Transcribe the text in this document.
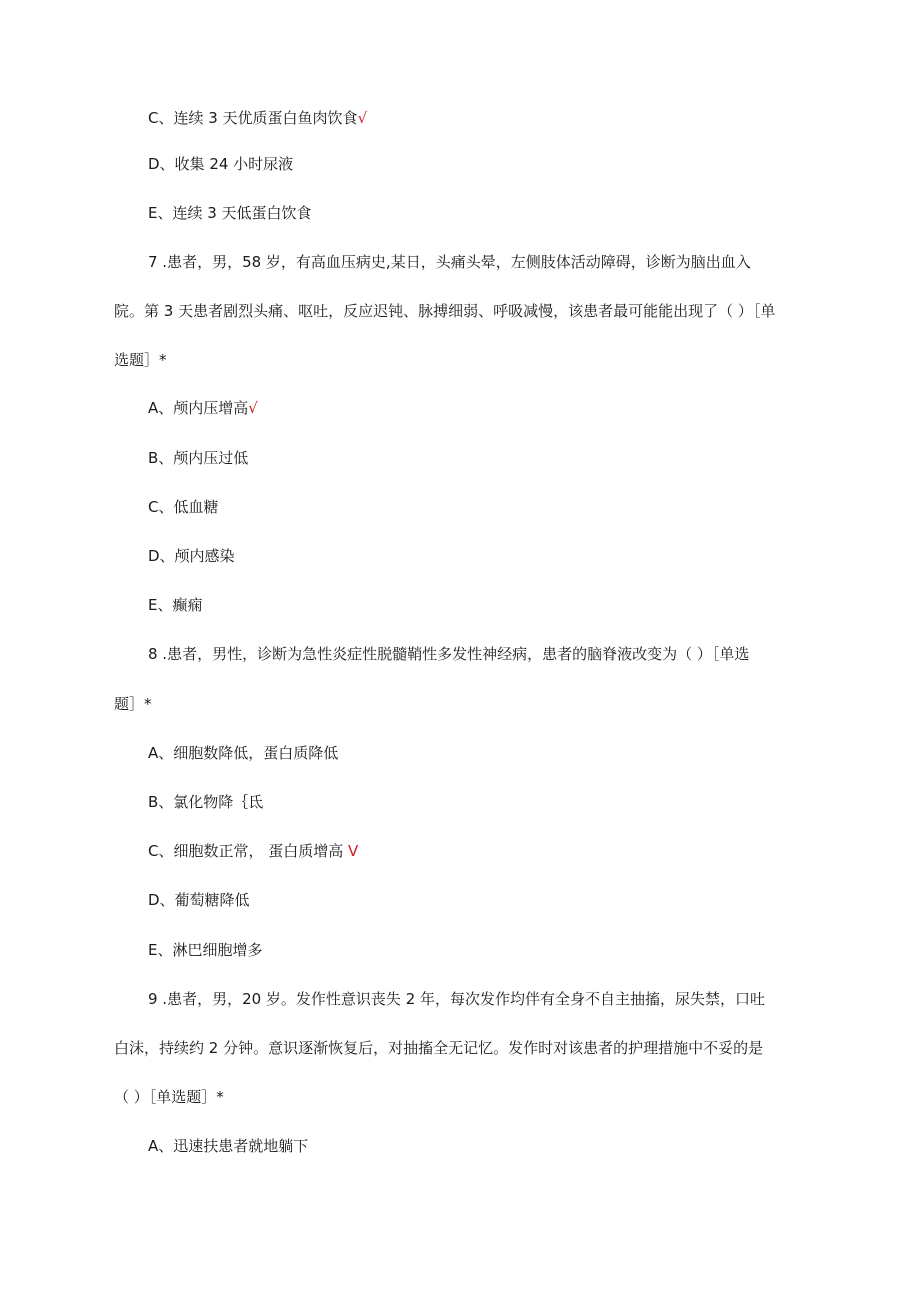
C、连续 3 天优质蛋白鱼肉饮食√
D、收集 24 小时尿液
E、连续 3 天低蛋白饮食
7 .患者，男，58 岁，有高血压病史,某日，头痛头晕，左侧肢体活动障碍，诊断为脑出血入
院。第 3 天患者剧烈头痛、呕吐，反应迟钝、脉搏细弱、呼吸减慢，该患者最可能能出现了（ ）［单
选题］*
A、颅内压增高√
B、颅内压过低
C、低血糖
D、颅内感染
E、癫痫
8 .患者，男性，诊断为急性炎症性脱髓鞘性多发性神经病，患者的脑脊液改变为（ ）［单选
题］*
A、细胞数降低，蛋白质降低
B、氯化物降｛氐
C、细胞数正常， 蛋白质增高 V
D、葡萄糖降低
E、淋巴细胞增多
9 .患者，男，20 岁。发作性意识丧失 2 年，每次发作均伴有全身不自主抽搐，尿失禁，口吐
白沫，持续约 2 分钟。意识逐渐恢复后，对抽搐全无记忆。发作时对该患者的护理措施中不妥的是
（ ）［单选题］*
A、迅速扶患者就地躺下
